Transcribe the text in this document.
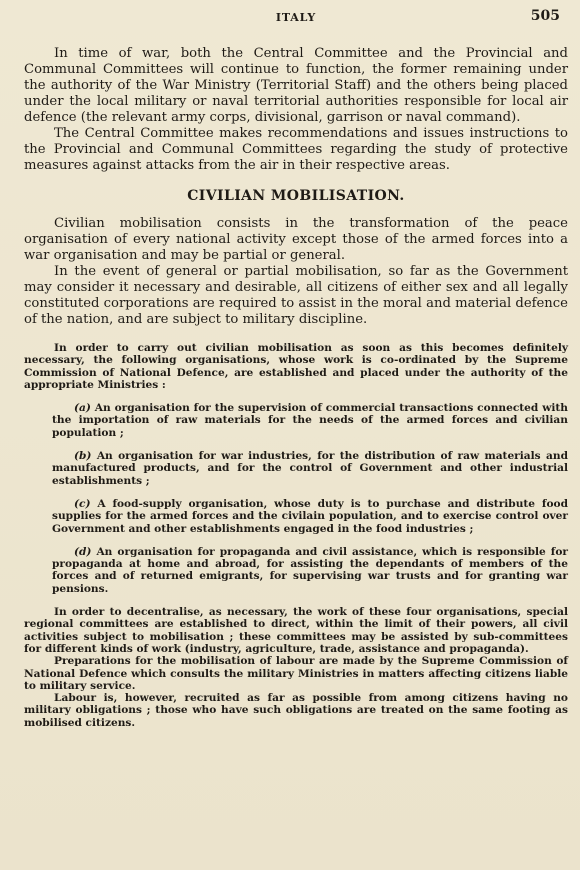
ITALY	505

In time of war, both the Central Committee and the Provincial and Communal Committees will continue to function, the former remaining under the authority of the War Ministry (Territorial Staff) and the others being placed under the local military or naval territorial authorities responsible for local air defence (the relevant army corps, divisional, garrison or naval command).

The Central Committee makes recommendations and issues instructions to the Provincial and Communal Committees regarding the study of protective measures against attacks from the air in their respective areas.

CIVILIAN MOBILISATION.

Civilian mobilisation consists in the transformation of the peace organisation of every national activity except those of the armed forces into a war organisation and may be partial or general.

In the event of general or partial mobilisation, so far as the Government may consider it necessary and desirable, all citizens of either sex and all legally constituted corporations are required to assist in the moral and material defence of the nation, and are subject to military discipline.

In order to carry out civilian mobilisation as soon as this becomes definitely necessary, the following organisations, whose work is co-ordinated by the Supreme Commission of National Defence, are established and placed under the authority of the appropriate Ministries :

(a) An organisation for the supervision of commercial transactions connected with the importation of raw materials for the needs of the armed forces and civilian population ;

(b) An organisation for war industries, for the distribution of raw materials and manufactured products, and for the control of Government and other industrial establishments ;

(c) A food-supply organisation, whose duty is to purchase and distribute food supplies for the armed forces and the civilain population, and to exercise control over Government and other establishments engaged in the food industries ;

(d) An organisation for propaganda and civil assistance, which is responsible for propaganda at home and abroad, for assisting the dependants of members of the forces and of returned emigrants, for supervising war trusts and for granting war pensions.

In order to decentralise, as necessary, the work of these four organisations, special regional committees are established to direct, within the limit of their powers, all civil activities subject to mobilisation ; these committees may be assisted by sub-committees for different kinds of work (industry, agriculture, trade, assistance and propaganda).

Preparations for the mobilisation of labour are made by the Supreme Commission of National Defence which consults the military Ministries in matters affecting citizens liable to military service.

Labour is, however, recruited as far as possible from among citizens having no military obligations ; those who have such obligations are treated on the same footing as mobilised citizens.
